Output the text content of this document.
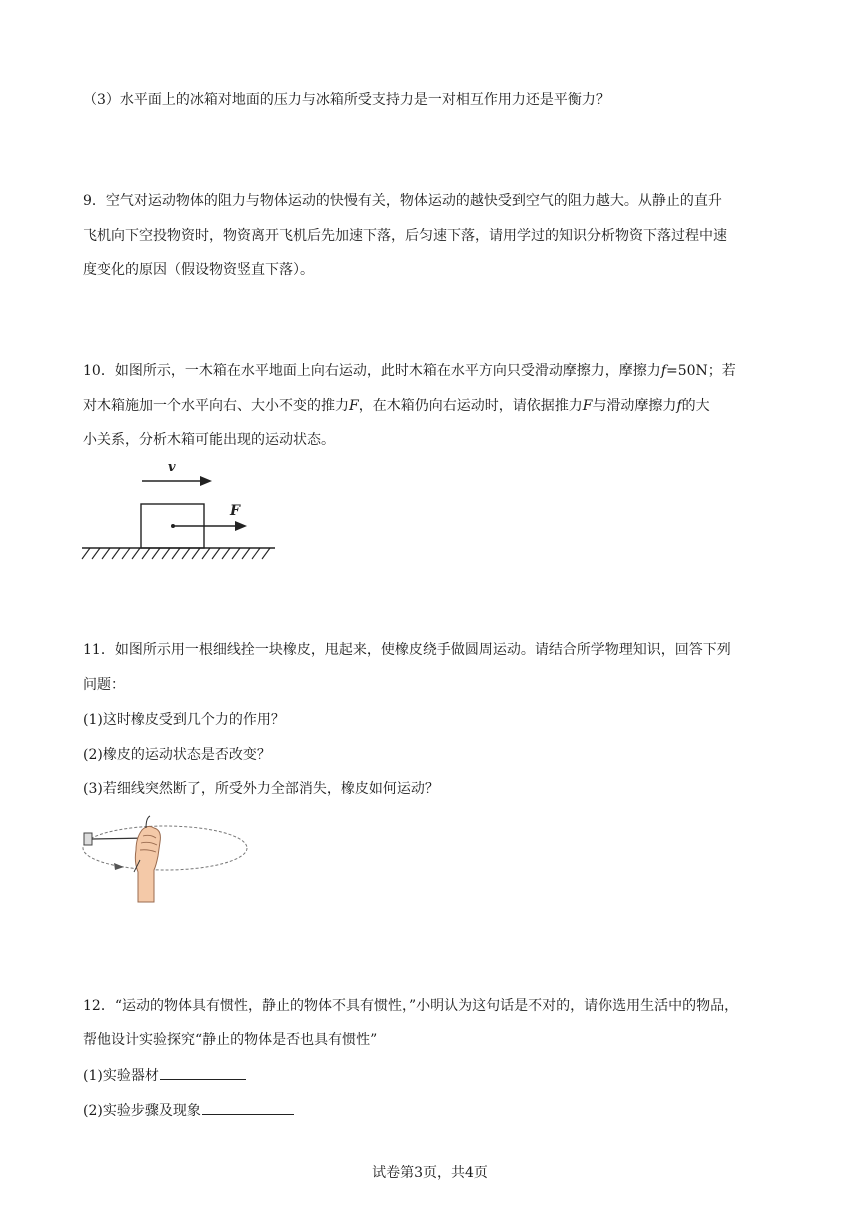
（3）水平面上的冰箱对地面的压力与冰箱所受支持力是一对相互作用力还是平衡力？
9．空气对运动物体的阻力与物体运动的快慢有关，物体运动的越快受到空气的阻力越大。从静止的直升
飞机向下空投物资时，物资离开飞机后先加速下落，后匀速下落，请用学过的知识分析物资下落过程中速
度变化的原因（假设物资竖直下落）。
10．如图所示，一木箱在水平地面上向右运动，此时木箱在水平方向只受滑动摩擦力，摩擦力f=50N；若
对木箱施加一个水平向右、大小不变的推力F，在木箱仍向右运动时，请依据推力F与滑动摩擦力f的大
小关系，分析木箱可能出现的运动状态。
v
F
11．如图所示用一根细线拴一块橡皮，甩起来，使橡皮绕手做圆周运动。请结合所学物理知识，回答下列
问题：
(1)这时橡皮受到几个力的作用？
(2)橡皮的运动状态是否改变？
(3)若细线突然断了，所受外力全部消失，橡皮如何运动？
12．“运动的物体具有惯性，静止的物体不具有惯性，”小明认为这句话是不对的，请你选用生活中的物品，
帮他设计实验探究“静止的物体是否也具有惯性”
(1)实验器材
(2)实验步骤及现象
试卷第3页，共4页
